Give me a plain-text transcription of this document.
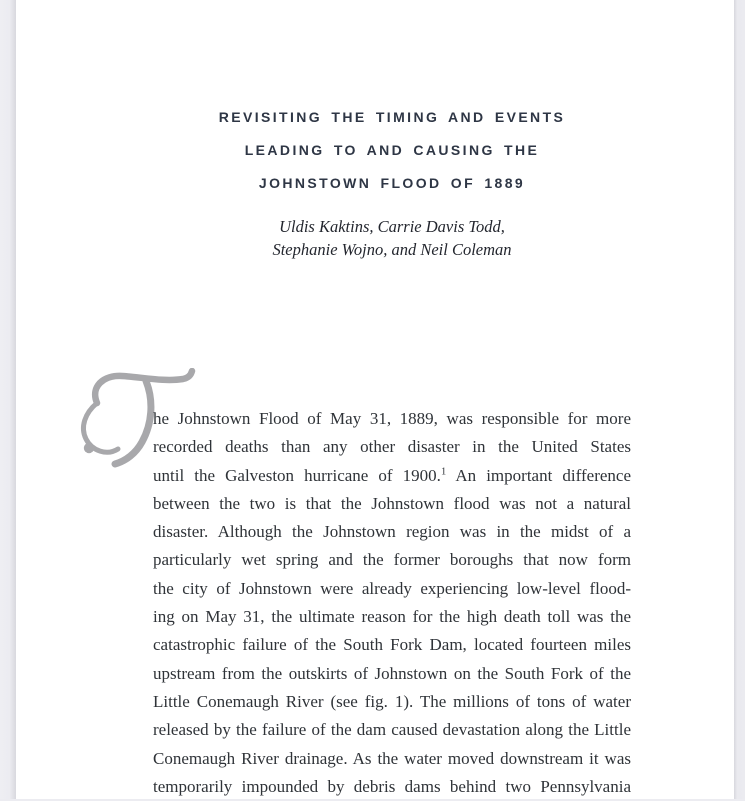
REVISITING THE TIMING AND EVENTS
LEADING TO AND CAUSING THE
JOHNSTOWN FLOOD OF 1889
Uldis Kaktins, Carrie Davis Todd,
Stephanie Wojno, and Neil Coleman
he Johnstown Flood of May 31, 1889, was responsible for more
recorded deaths than any other disaster in the United States
until the Galveston hurricane of 1900.$^1$ An important difference
between the two is that the Johnstown flood was not a natural
disaster. Although the Johnstown region was in the midst of a
particularly wet spring and the former boroughs that now form
the city of Johnstown were already experiencing low-level flood-
ing on May 31, the ultimate reason for the high death toll was the
catastrophic failure of the South Fork Dam, located fourteen miles
upstream from the outskirts of Johnstown on the South Fork of the
Little Conemaugh River (see fig. 1). The millions of tons of water
released by the failure of the dam caused devastation along the Little
Conemaugh River drainage. As the water moved downstream it was
temporarily impounded by debris dams behind two Pennsylvania
